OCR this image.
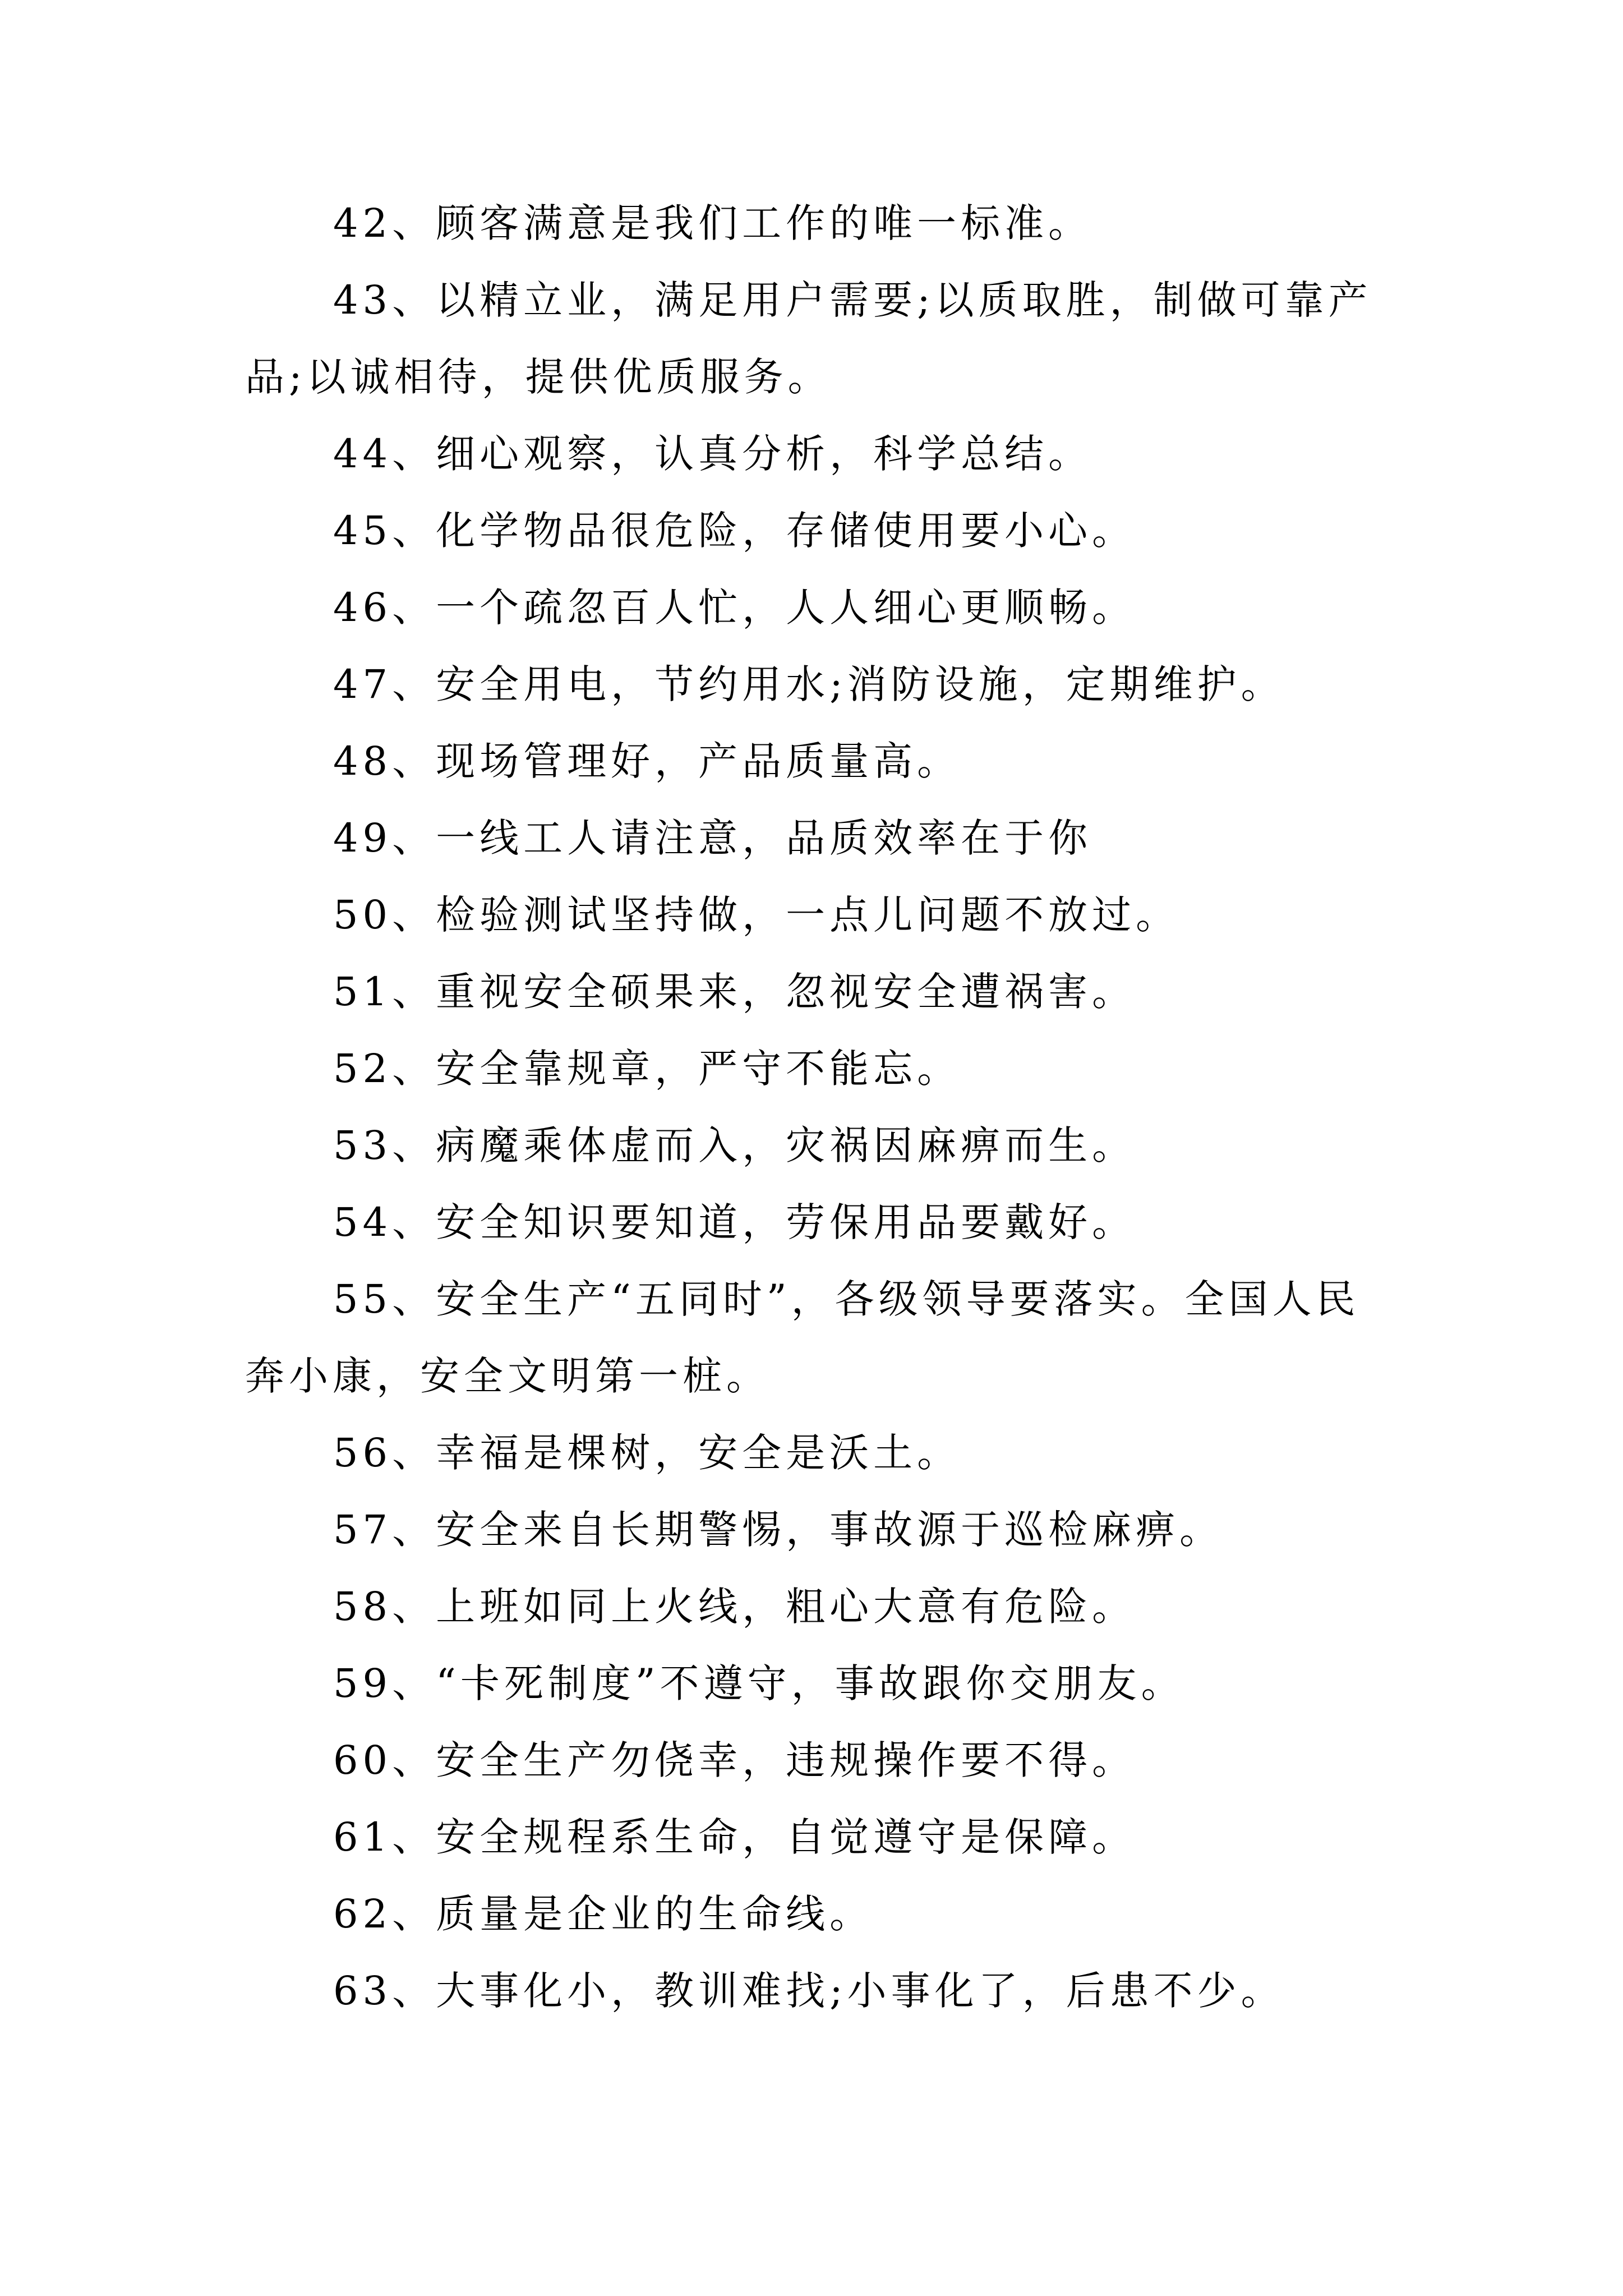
42、顾客满意是我们工作的唯一标准。

43、以精立业，满足用户需要;以质取胜，制做可靠产品;以诚相待，提供优质服务。

44、细心观察，认真分析，科学总结。

45、化学物品很危险，存储使用要小心。

46、一个疏忽百人忙，人人细心更顺畅。

47、安全用电，节约用水;消防设施，定期维护。

48、现场管理好，产品质量高。

49、一线工人请注意，品质效率在于你

50、检验测试坚持做，一点儿问题不放过。

51、重视安全硕果来，忽视安全遭祸害。

52、安全靠规章，严守不能忘。

53、病魔乘体虚而入，灾祸因麻痹而生。

54、安全知识要知道，劳保用品要戴好。

55、安全生产“五同时”，各级领导要落实。全国人民奔小康，安全文明第一桩。

56、幸福是棵树，安全是沃土。

57、安全来自长期警惕，事故源于巡检麻痹。

58、上班如同上火线，粗心大意有危险。

59、“卡死制度”不遵守，事故跟你交朋友。

60、安全生产勿侥幸，违规操作要不得。

61、安全规程系生命，自觉遵守是保障。

62、质量是企业的生命线。

63、大事化小，教训难找;小事化了，后患不少。
